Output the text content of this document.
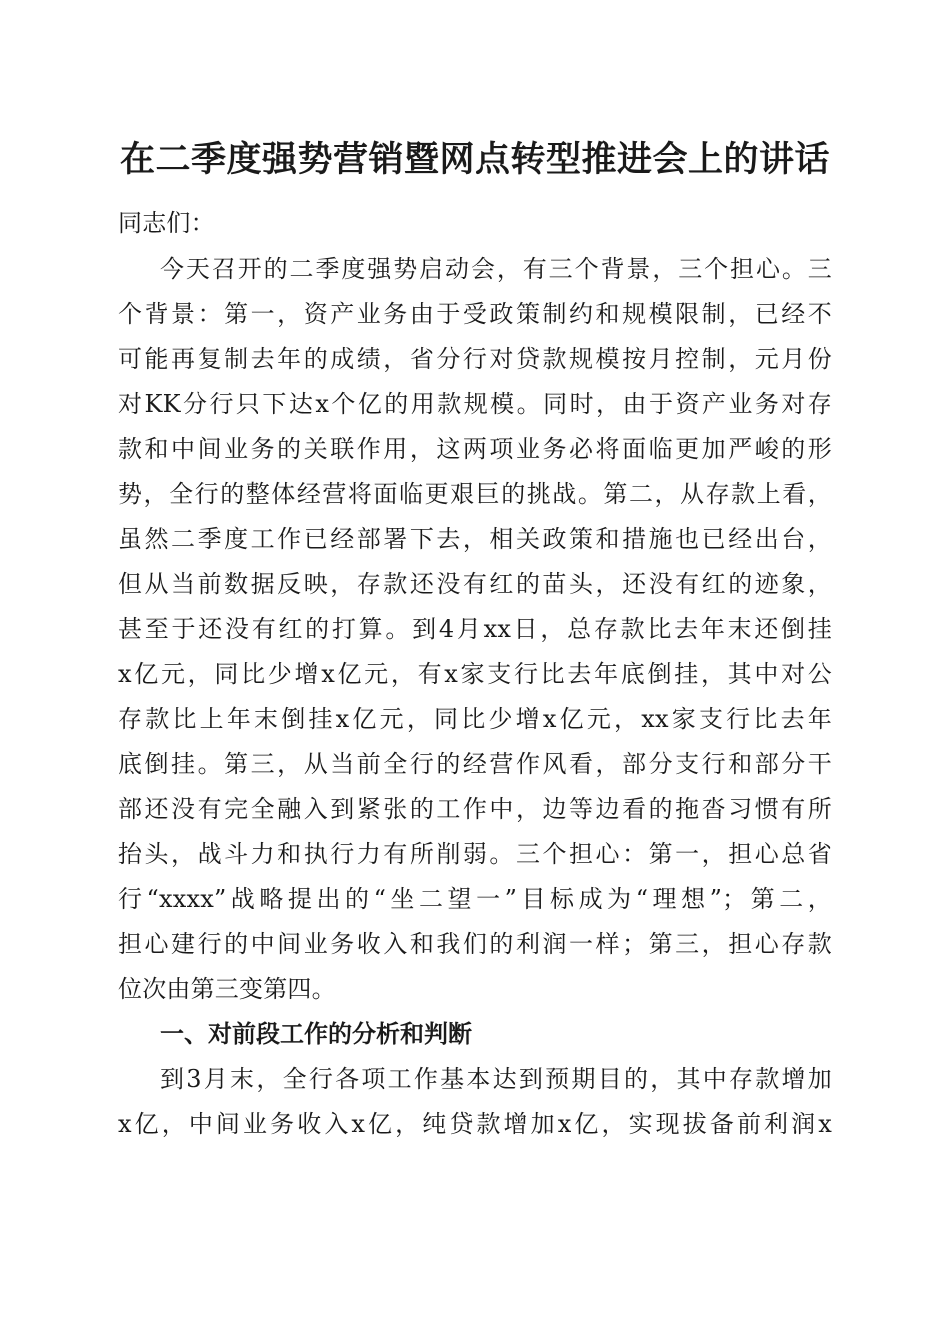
在二季度强势营销暨网点转型推进会上的讲话
同志们：
今天召开的二季度强势启动会，有三个背景，三个担心。三
个背景：第一，资产业务由于受政策制约和规模限制，已经不
可能再复制去年的成绩，省分行对贷款规模按月控制，元月份
对KK分行只下达x个亿的用款规模。同时，由于资产业务对存
款和中间业务的关联作用，这两项业务必将面临更加严峻的形
势，全行的整体经营将面临更艰巨的挑战。第二，从存款上看，
虽然二季度工作已经部署下去，相关政策和措施也已经出台，
但从当前数据反映，存款还没有红的苗头，还没有红的迹象，
甚至于还没有红的打算。到4月xx日，总存款比去年末还倒挂
x亿元，同比少增x亿元，有x家支行比去年底倒挂，其中对公
存款比上年末倒挂x亿元，同比少增x亿元，xx家支行比去年
底倒挂。第三，从当前全行的经营作风看，部分支行和部分干
部还没有完全融入到紧张的工作中，边等边看的拖沓习惯有所
抬头，战斗力和执行力有所削弱。三个担心：第一，担心总省
行“xxxx”战略提出的“坐二望一”目标成为“理想”；第二，
担心建行的中间业务收入和我们的利润一样；第三，担心存款
位次由第三变第四。
一、对前段工作的分析和判断
到3月末，全行各项工作基本达到预期目的，其中存款增加
x亿，中间业务收入x亿，纯贷款增加x亿，实现拔备前利润x
